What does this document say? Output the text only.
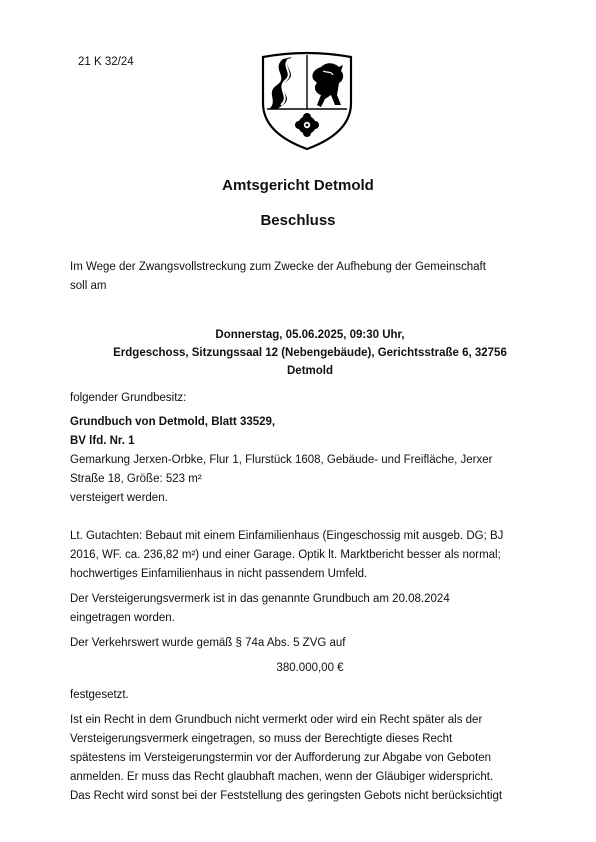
21 K 32/24
Amtsgericht Detmold
Beschluss

Im Wege der Zwangsvollstreckung zum Zwecke der Aufhebung der Gemeinschaft

soll am

Donnerstag, 05.06.2025, 09:30 Uhr,

Erdgeschoss, Sitzungssaal 12 (Nebengebäude), Gerichtsstraße 6, 32756

Detmold

folgender Grundbesitz:

Grundbuch von Detmold, Blatt 33529,

BV lfd. Nr. 1

Gemarkung Jerxen-Orbke, Flur 1, Flurstück 1608, Gebäude- und Freifläche, Jerxer

Straße 18, Größe: 523 m²

versteigert werden.

Lt. Gutachten: Bebaut mit einem Einfamilienhaus (Eingeschossig mit ausgeb. DG; BJ

2016, WF. ca. 236,82 m²) und einer Garage. Optik lt. Marktbericht besser als normal;

hochwertiges Einfamilienhaus in nicht passendem Umfeld.

Der Versteigerungsvermerk ist in das genannte Grundbuch am 20.08.2024

eingetragen worden.

Der Verkehrswert wurde gemäß § 74a Abs. 5 ZVG auf
380.000,00 €
festgesetzt.

Ist ein Recht in dem Grundbuch nicht vermerkt oder wird ein Recht später als der

Versteigerungsvermerk eingetragen, so muss der Berechtigte dieses Recht

spätestens im Versteigerungstermin vor der Aufforderung zur Abgabe von Geboten

anmelden. Er muss das Recht glaubhaft machen, wenn der Gläubiger widerspricht.

Das Recht wird sonst bei der Feststellung des geringsten Gebots nicht berücksichtigt
